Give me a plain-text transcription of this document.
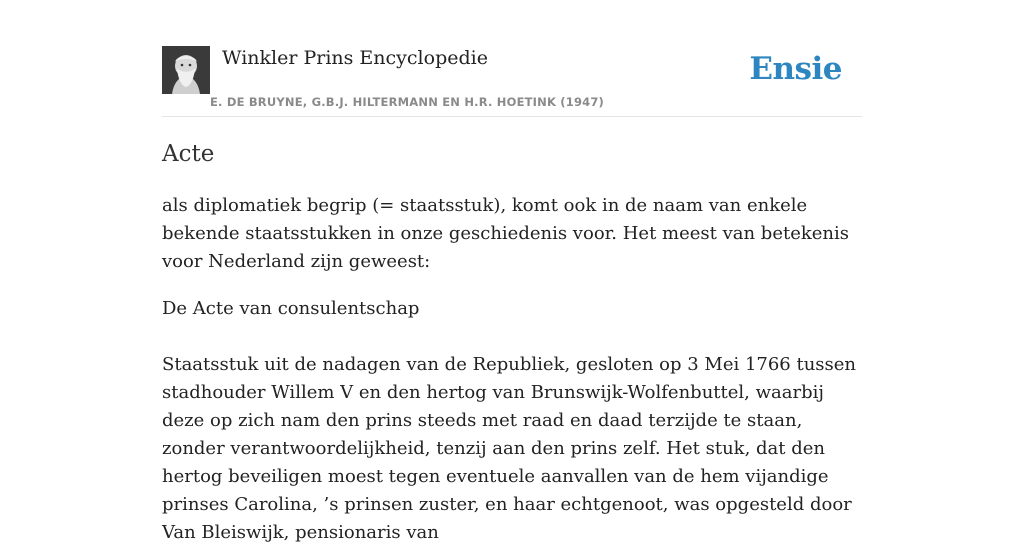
Winkler Prins Encyclopedie
E. DE BRUYNE, G.B.J. HILTERMANN EN H.R. HOETINK (1947)
Ensie
Acte

als diplomatiek begrip (= staatsstuk), komt ook in de naam van enkele bekende staatsstukken in onze geschiedenis voor. Het meest van betekenis voor Nederland zijn geweest:

De Acte van consulentschap

Staatsstuk uit de nadagen van de Republiek, gesloten op 3 Mei 1766 tussen stadhouder Willem V en den hertog van Brunswijk-Wolfenbuttel, waarbij deze op zich nam den prins steeds met raad en daad terzijde te staan, zonder verantwoordelijkheid, tenzij aan den prins zelf. Het stuk, dat den hertog beveiligen moest tegen eventuele aanvallen van de hem vijandige prinses Carolina, ’s prinsen zuster, en haar echtgenoot, was opgesteld door Van Bleiswijk, pensionaris van
